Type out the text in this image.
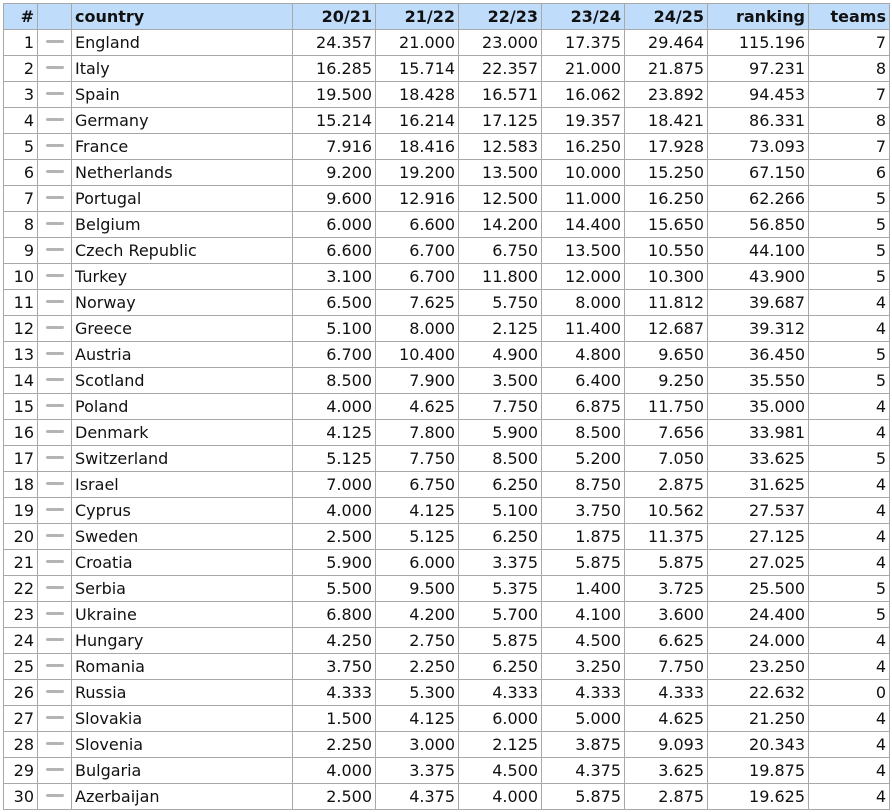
#		country	20/21	21/22	22/23	23/24	24/25	ranking	teams
1		England	24.357	21.000	23.000	17.375	29.464	115.196	7
2		Italy	16.285	15.714	22.357	21.000	21.875	97.231	8
3		Spain	19.500	18.428	16.571	16.062	23.892	94.453	7
4		Germany	15.214	16.214	17.125	19.357	18.421	86.331	8
5		France	7.916	18.416	12.583	16.250	17.928	73.093	7
6		Netherlands	9.200	19.200	13.500	10.000	15.250	67.150	6
7		Portugal	9.600	12.916	12.500	11.000	16.250	62.266	5
8		Belgium	6.000	6.600	14.200	14.400	15.650	56.850	5
9		Czech Republic	6.600	6.700	6.750	13.500	10.550	44.100	5
10		Turkey	3.100	6.700	11.800	12.000	10.300	43.900	5
11		Norway	6.500	7.625	5.750	8.000	11.812	39.687	4
12		Greece	5.100	8.000	2.125	11.400	12.687	39.312	4
13		Austria	6.700	10.400	4.900	4.800	9.650	36.450	5
14		Scotland	8.500	7.900	3.500	6.400	9.250	35.550	5
15		Poland	4.000	4.625	7.750	6.875	11.750	35.000	4
16		Denmark	4.125	7.800	5.900	8.500	7.656	33.981	4
17		Switzerland	5.125	7.750	8.500	5.200	7.050	33.625	5
18		Israel	7.000	6.750	6.250	8.750	2.875	31.625	4
19		Cyprus	4.000	4.125	5.100	3.750	10.562	27.537	4
20		Sweden	2.500	5.125	6.250	1.875	11.375	27.125	4
21		Croatia	5.900	6.000	3.375	5.875	5.875	27.025	4
22		Serbia	5.500	9.500	5.375	1.400	3.725	25.500	5
23		Ukraine	6.800	4.200	5.700	4.100	3.600	24.400	5
24		Hungary	4.250	2.750	5.875	4.500	6.625	24.000	4
25		Romania	3.750	2.250	6.250	3.250	7.750	23.250	4
26		Russia	4.333	5.300	4.333	4.333	4.333	22.632	0
27		Slovakia	1.500	4.125	6.000	5.000	4.625	21.250	4
28		Slovenia	2.250	3.000	2.125	3.875	9.093	20.343	4
29		Bulgaria	4.000	3.375	4.500	4.375	3.625	19.875	4
30		Azerbaijan	2.500	4.375	4.000	5.875	2.875	19.625	4
